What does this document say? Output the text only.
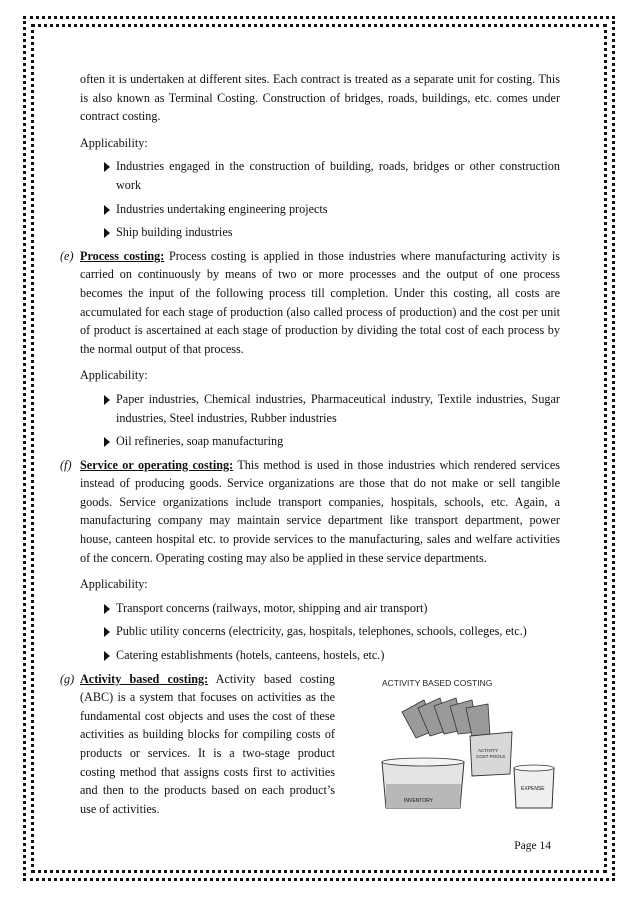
often it is undertaken at different sites. Each contract is treated as a separate unit for costing. This is also known as Terminal Costing. Construction of bridges, roads, buildings, etc. comes under contract costing.

Applicability:

Industries engaged in the construction of building, roads, bridges or other construction work

Industries undertaking engineering projects

Ship building industries

(e) Process costing: Process costing is applied in those industries where manufacturing activity is carried on continuously by means of two or more processes and the output of one process becomes the input of the following process till completion. Under this costing, all costs are accumulated for each stage of production (also called process of production) and the cost per unit of product is ascertained at each stage of production by dividing the total cost of each process by the normal output of that process.

Applicability:

Paper industries, Chemical industries, Pharmaceutical industry, Textile industries, Sugar industries, Steel industries, Rubber industries

Oil refineries, soap manufacturing

(f) Service or operating costing: This method is used in those industries which rendered services instead of producing goods. Service organizations are those that do not make or sell tangible goods. Service organizations include transport companies, hospitals, schools, etc. Again, a manufacturing company may maintain service department like transport department, power house, canteen hospital etc. to provide services to the manufacturing, sales and welfare activities of the concern. Operating costing may also be applied in these service departments.

Applicability:

Transport concerns (railways, motor, shipping and air transport)

Public utility concerns (electricity, gas, hospitals, telephones, schools, colleges, etc.)

Catering establishments (hotels, canteens, hostels, etc.)

(g) Activity based costing: Activity based costing (ABC) is a system that focuses on activities as the fundamental cost objects and uses the cost of these activities as building blocks for compiling costs of products or services. It is a two-stage product costing method that assigns costs first to activities and then to the products based on each product’s use of activities.

ACTIVITY BASED COSTING
ACTIVITY
COST POOLS
INVENTORY
EXPENSE
Page 14
